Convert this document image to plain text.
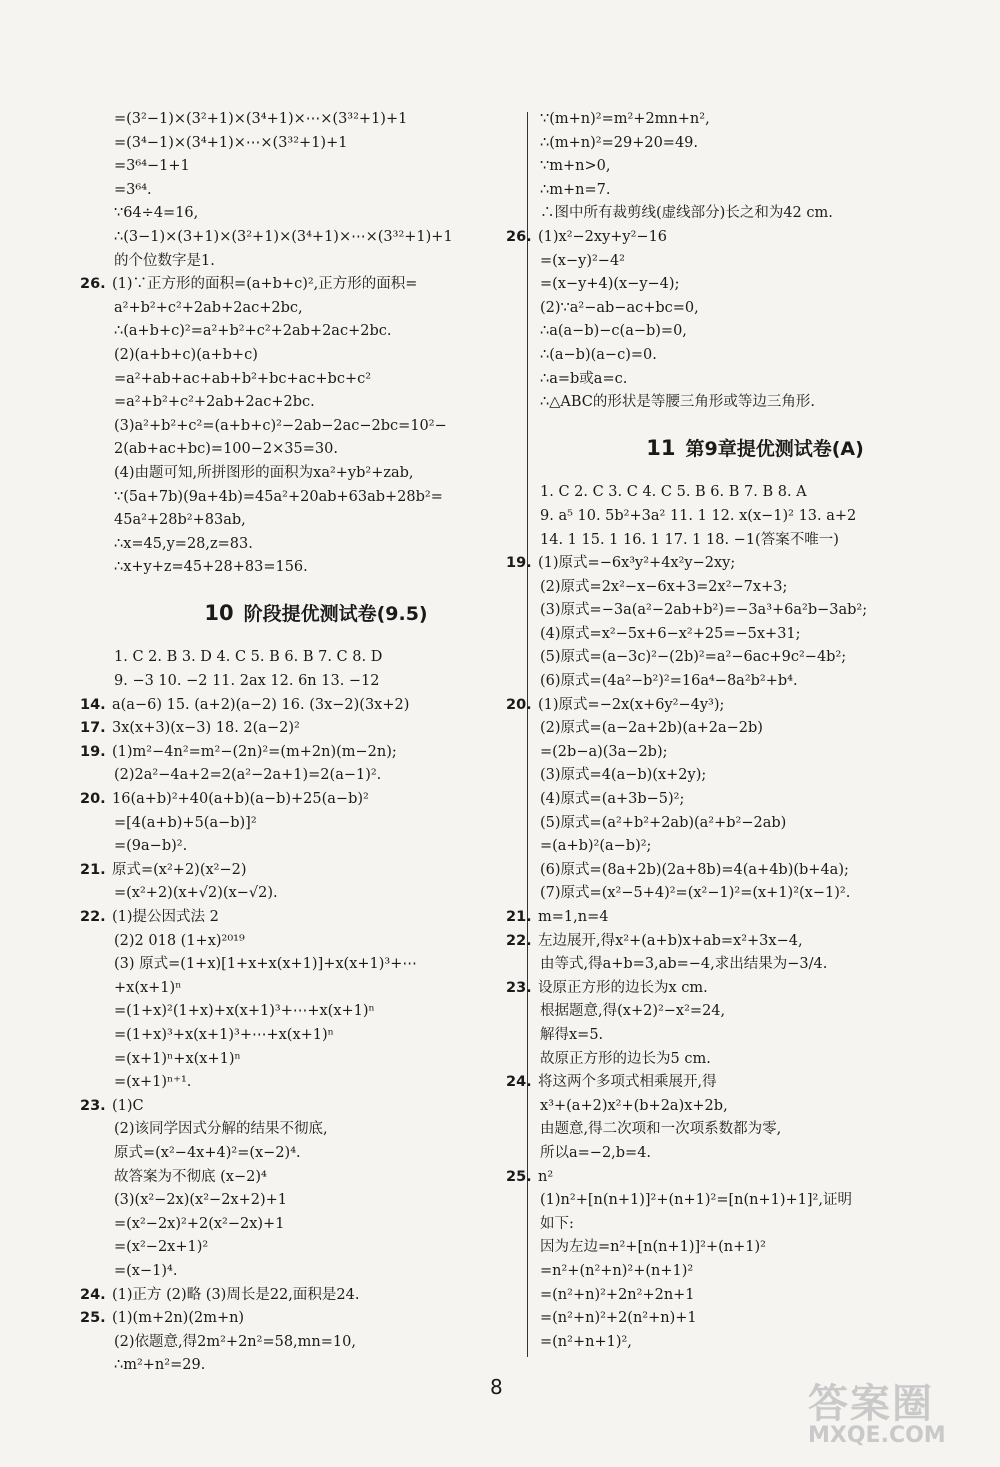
=(3²−1)×(3²+1)×(3⁴+1)×⋯×(3³²+1)+1
=(3⁴−1)×(3⁴+1)×⋯×(3³²+1)+1
=3⁶⁴−1+1
=3⁶⁴.
∵64÷4=16,
∴(3−1)×(3+1)×(3²+1)×(3⁴+1)×⋯×(3³²+1)+1
的个位数字是1.
26. (1)∵正方形的面积=(a+b+c)²,正方形的面积=
a²+b²+c²+2ab+2ac+2bc,
∴(a+b+c)²=a²+b²+c²+2ab+2ac+2bc.
(2)(a+b+c)(a+b+c)
=a²+ab+ac+ab+b²+bc+ac+bc+c²
=a²+b²+c²+2ab+2ac+2bc.
(3)a²+b²+c²=(a+b+c)²−2ab−2ac−2bc=10²−
2(ab+ac+bc)=100−2×35=30.
(4)由题可知,所拼图形的面积为xa²+yb²+zab,
∵(5a+7b)(9a+4b)=45a²+20ab+63ab+28b²=
45a²+28b²+83ab,
∴x=45,y=28,z=83.
∴x+y+z=45+28+83=156.
10 阶段提优测试卷(9.5)
1. C 2. B 3. D 4. C 5. B 6. B 7. C 8. D
9. −3 10. −2 11. 2ax 12. 6n 13. −12
14. a(a−6) 15. (a+2)(a−2) 16. (3x−2)(3x+2)
17. 3x(x+3)(x−3) 18. 2(a−2)²
19. (1)m²−4n²=m²−(2n)²=(m+2n)(m−2n);
(2)2a²−4a+2=2(a²−2a+1)=2(a−1)².
20. 16(a+b)²+40(a+b)(a−b)+25(a−b)²
=[4(a+b)+5(a−b)]²
=(9a−b)².
21. 原式=(x²+2)(x²−2)
=(x²+2)(x+√2)(x−√2).
22. (1)提公因式法 2
(2)2 018 (1+x)²⁰¹⁹
(3) 原式=(1+x)[1+x+x(x+1)]+x(x+1)³+⋯
+x(x+1)ⁿ
=(1+x)²(1+x)+x(x+1)³+⋯+x(x+1)ⁿ
=(1+x)³+x(x+1)³+⋯+x(x+1)ⁿ
=(x+1)ⁿ+x(x+1)ⁿ
=(x+1)ⁿ⁺¹.
23. (1)C
(2)该同学因式分解的结果不彻底,
原式=(x²−4x+4)²=(x−2)⁴.
故答案为不彻底 (x−2)⁴
(3)(x²−2x)(x²−2x+2)+1
=(x²−2x)²+2(x²−2x)+1
=(x²−2x+1)²
=(x−1)⁴.
24. (1)正方 (2)略 (3)周长是22,面积是24.
25. (1)(m+2n)(2m+n)
(2)依题意,得2m²+2n²=58,mn=10,
∴m²+n²=29.
∵(m+n)²=m²+2mn+n²,
∴(m+n)²=29+20=49.
∵m+n>0,
∴m+n=7.
∴图中所有裁剪线(虚线部分)长之和为42 cm.
26. (1)x²−2xy+y²−16
=(x−y)²−4²
=(x−y+4)(x−y−4);
(2)∵a²−ab−ac+bc=0,
∴a(a−b)−c(a−b)=0,
∴(a−b)(a−c)=0.
∴a=b或a=c.
∴△ABC的形状是等腰三角形或等边三角形.
11 第9章提优测试卷(A)
1. C 2. C 3. C 4. C 5. B 6. B 7. B 8. A
9. a⁵ 10. 5b²+3a² 11. 1 12. x(x−1)² 13. a+2
14. 1 15. 1 16. 1 17. 1 18. −1(答案不唯一)
19. (1)原式=−6x³y²+4x²y−2xy;
(2)原式=2x²−x−6x+3=2x²−7x+3;
(3)原式=−3a(a²−2ab+b²)=−3a³+6a²b−3ab²;
(4)原式=x²−5x+6−x²+25=−5x+31;
(5)原式=(a−3c)²−(2b)²=a²−6ac+9c²−4b²;
(6)原式=(4a²−b²)²=16a⁴−8a²b²+b⁴.
20. (1)原式=−2x(x+6y²−4y³);
(2)原式=(a−2a+2b)(a+2a−2b)
=(2b−a)(3a−2b);
(3)原式=4(a−b)(x+2y);
(4)原式=(a+3b−5)²;
(5)原式=(a²+b²+2ab)(a²+b²−2ab)
=(a+b)²(a−b)²;
(6)原式=(8a+2b)(2a+8b)=4(a+4b)(b+4a);
(7)原式=(x²−5+4)²=(x²−1)²=(x+1)²(x−1)².
21. m=1,n=4
22. 左边展开,得x²+(a+b)x+ab=x²+3x−4,
由等式,得a+b=3,ab=−4,求出结果为−3/4.
23. 设原正方形的边长为x cm.
根据题意,得(x+2)²−x²=24,
解得x=5.
故原正方形的边长为5 cm.
24. 将这两个多项式相乘展开,得
x³+(a+2)x²+(b+2a)x+2b,
由题意,得二次项和一次项系数都为零,
所以a=−2,b=4.
25. n²
(1)n²+[n(n+1)]²+(n+1)²=[n(n+1)+1]²,证明
如下:
因为左边=n²+[n(n+1)]²+(n+1)²
=n²+(n²+n)²+(n+1)²
=(n²+n)²+2n²+2n+1
=(n²+n)²+2(n²+n)+1
=(n²+n+1)²,
8	答案圈
MXQE.COM
